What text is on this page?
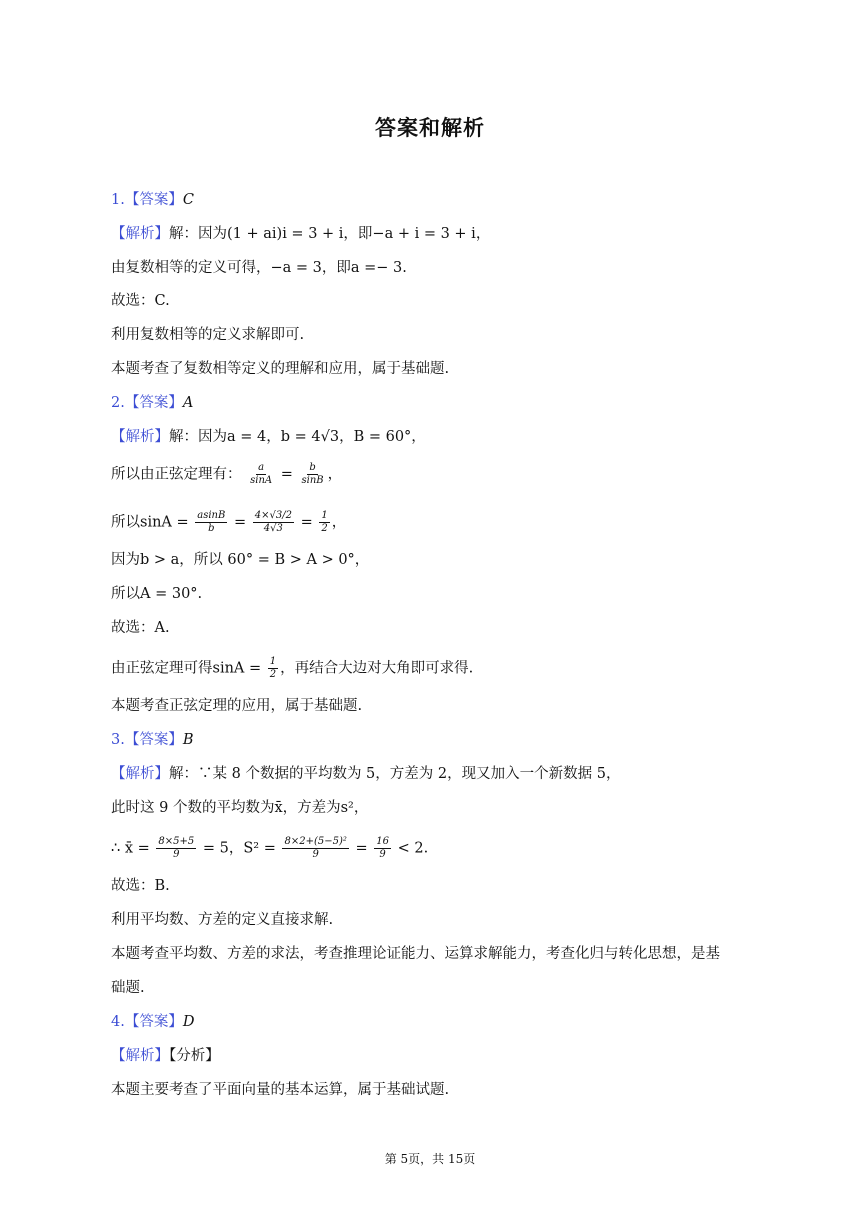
答案和解析
1.【答案】C
【解析】解：因为(1 + ai)i = 3 + i，即−a + i = 3 + i，
由复数相等的定义可得，−a = 3，即a =− 3.
故选：C.
利用复数相等的定义求解即可.
本题考查了复数相等定义的理解和应用，属于基础题.
2.【答案】A
【解析】解：因为a = 4，b = 4√3，B = 60°，
所以由正弦定理有： $\frac{a}{\sin A} = \frac{b}{\sin B}$ ，
所以$\sin A = \frac{asinB}{b} = \frac{4\times√3/2}{4√3} = \frac{1}{2}$ ，
因为b > a，所以 60° = B > A > 0°，
所以A = 30°.
故选：A.
由正弦定理可得$\sin A = \frac{1}{2}$ ，再结合大边对大角即可求得.
本题考查正弦定理的应用，属于基础题.
3.【答案】B
【解析】解：∵某 8 个数据的平均数为 5，方差为 2，现又加入一个新数据 5，
此时这 9 个数的平均数为x̄，方差为s²，
∴ x̄ = $\frac{8\times 5+5}{9} = 5$，$S^2 = \frac{\text{8×2+(5−5)²}}{9} = \frac{16}{9} < 2$.
故选：B.
利用平均数、方差的定义直接求解.
本题考查平均数、方差的求法，考查推理论证能力、运算求解能力，考查化归与转化思想，是基
础题.
4.【答案】D
【解析】【分析】
本题主要考查了平面向量的基本运算，属于基础试题.
第 5页，共 15页
